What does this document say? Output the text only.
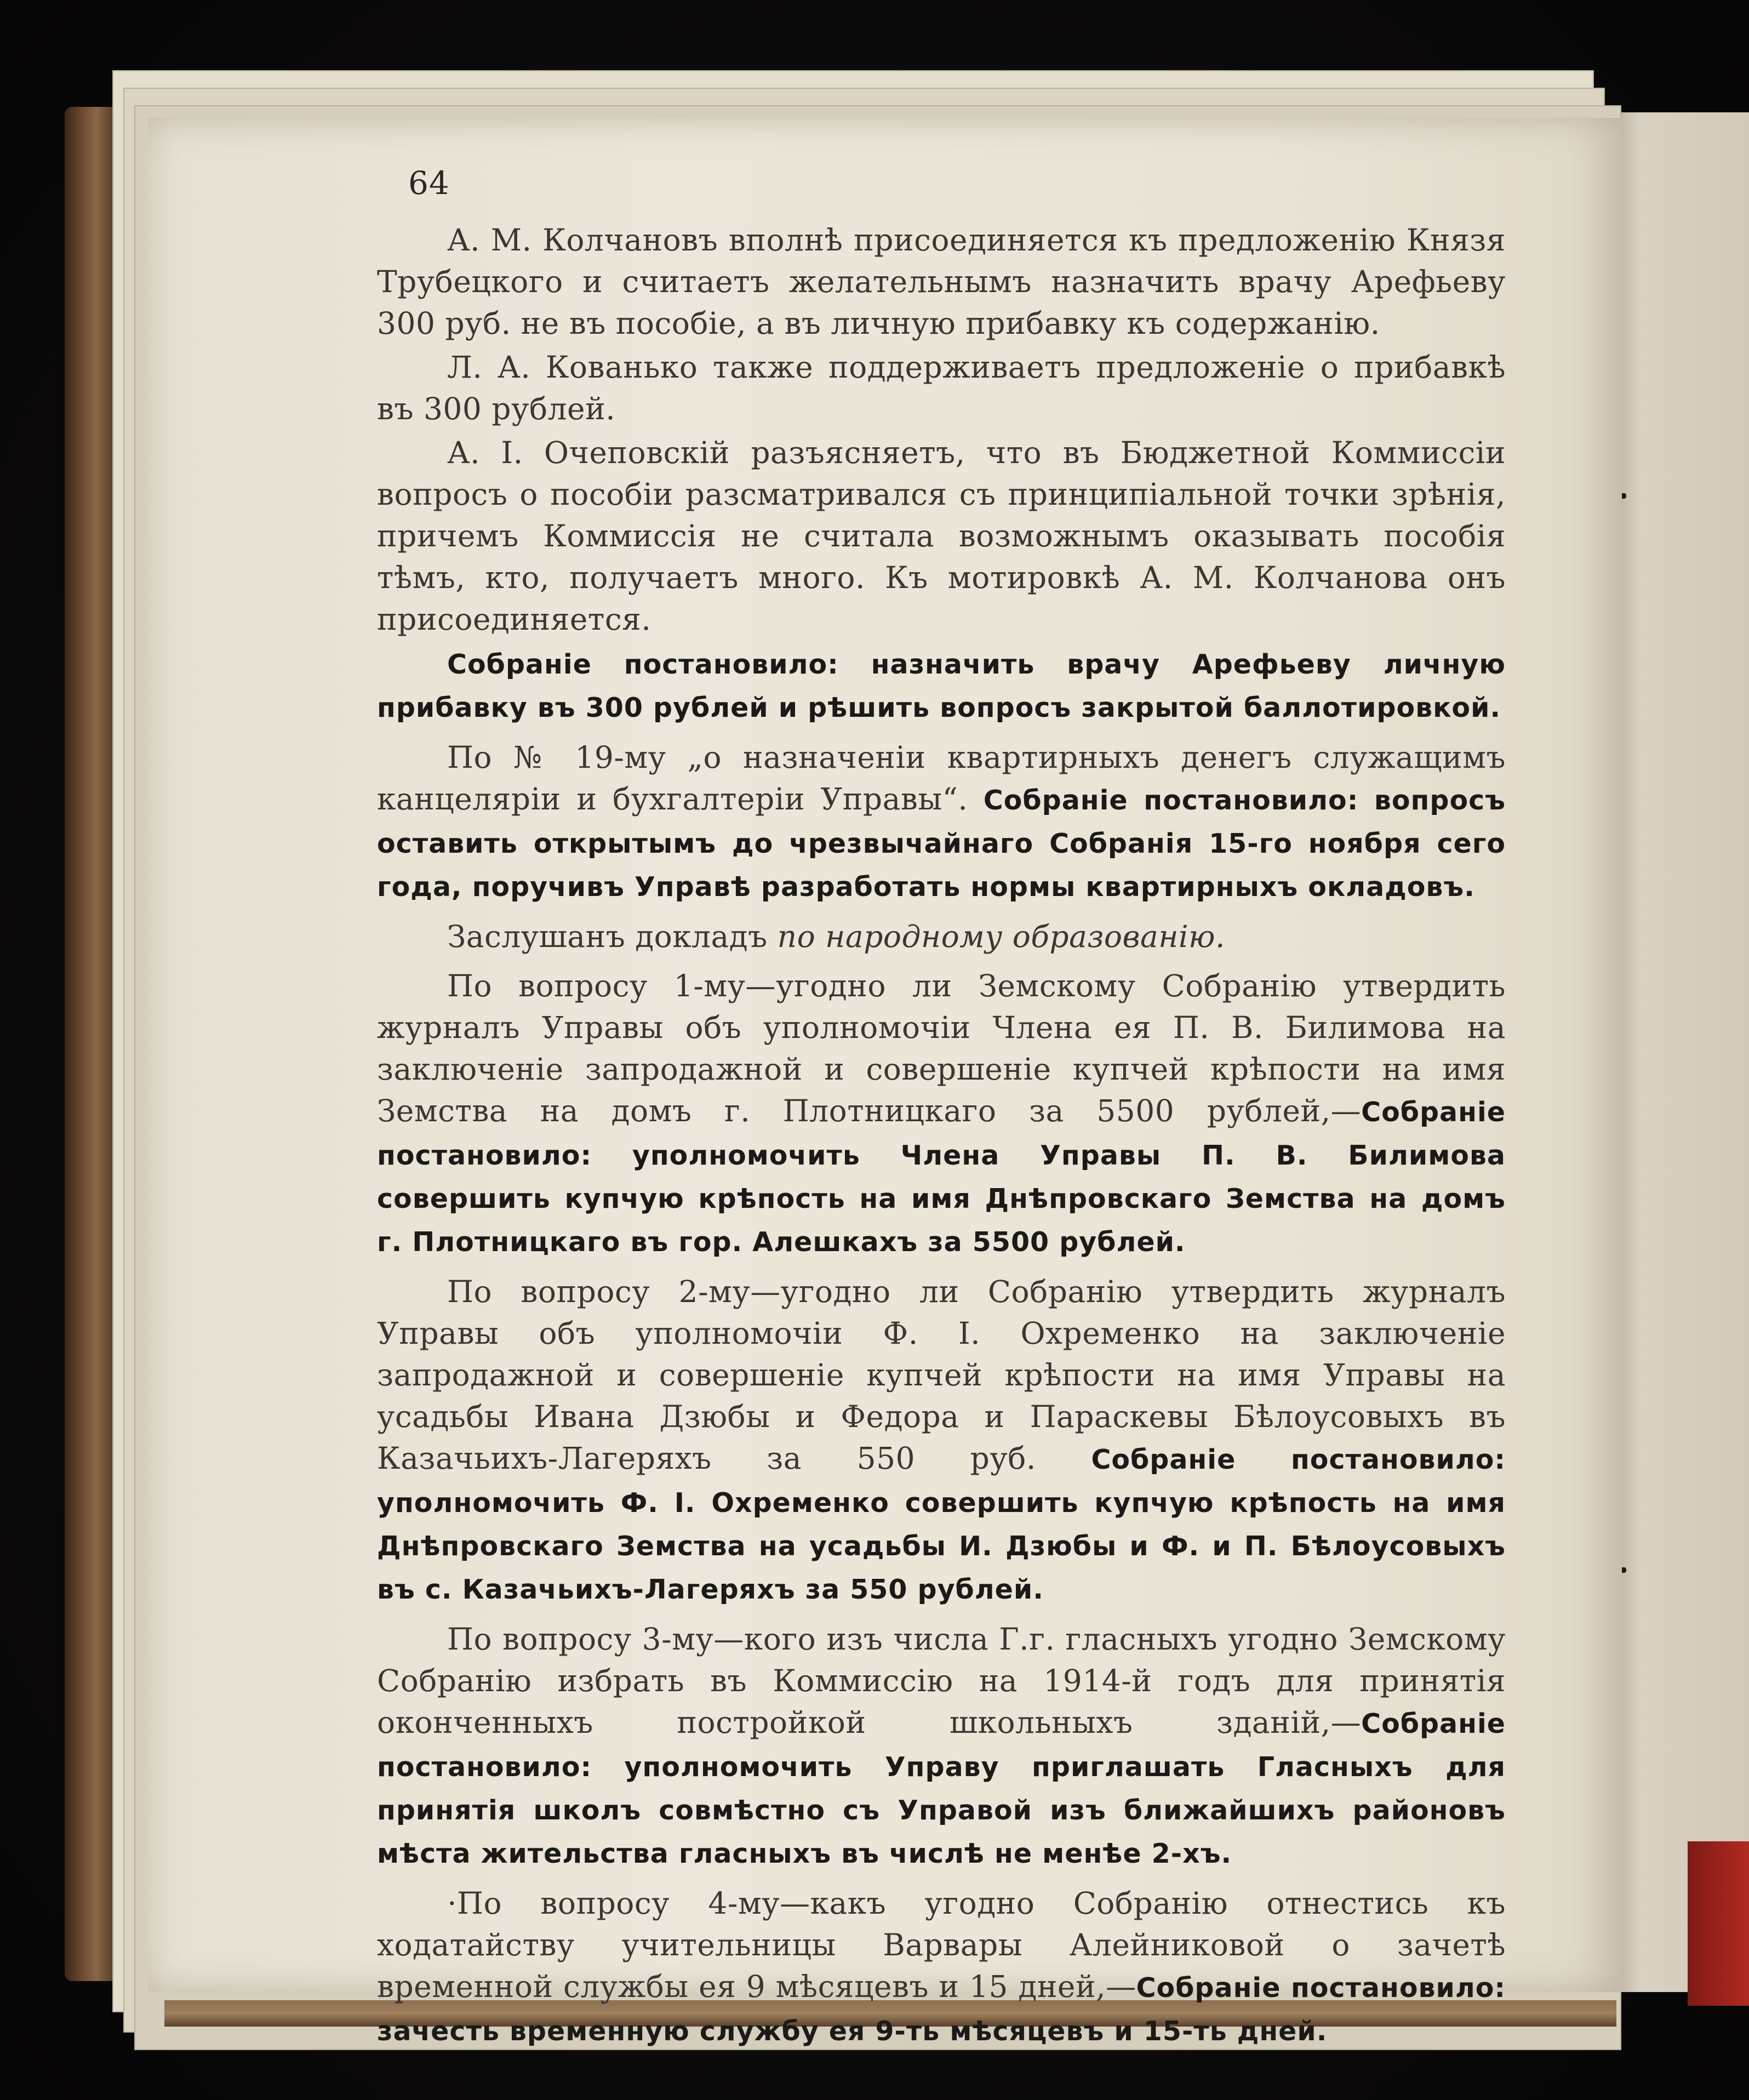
64

А. М. Колчановъ вполнѣ присоединяется къ предложенію Князя Трубецкого и считаетъ желательнымъ назначить врачу Арефьеву 300 руб. не въ пособіе, а въ личную прибавку къ содержанію.

Л. А. Кованько также поддерживаетъ предложеніе о прибавкѣ въ 300 рублей.

А. І. Очеповскій разъясняетъ, что въ Бюджетной Коммиссіи вопросъ о пособіи разсматривался съ принципіальной точки зрѣнія, причемъ Коммиссія не считала возможнымъ оказывать пособія тѣмъ, кто, получаетъ много. Къ мотировкѣ А. М. Колчанова онъ присоединяется.

Собраніе постановило: назначить врачу Арефьеву личную прибавку въ 300 рублей и рѣшить вопросъ закрытой баллотировкой.

По № 19-му „о назначеніи квартирныхъ денегъ служащимъ канцеляріи и бухгалтеріи Управы“. Собраніе постановило: вопросъ оставить открытымъ до чрезвычайнаго Собранія 15-го ноября сего года, поручивъ Управѣ разработать нормы квартирныхъ окладовъ.

Заслушанъ докладъ по народному образованію.

По вопросу 1-му—угодно ли Земскому Собранію утвердить журналъ Управы объ уполномочіи Члена ея П. В. Билимова на заключеніе запродажной и совершеніе купчей крѣпости на имя Земства на домъ г. Плотницкаго за 5500 рублей,—Собраніе постановило: уполномочить Члена Управы П. В. Билимова совершить купчую крѣпость на имя Днѣпровскаго Земства на домъ г. Плотницкаго въ гор. Алешкахъ за 5500 рублей.

По вопросу 2-му—угодно ли Собранію утвердить журналъ Управы объ уполномочіи Ф. І. Охременко на заключеніе запродажной и совершеніе купчей крѣпости на имя Управы на усадьбы Ивана Дзюбы и Федора и Параскевы Бѣлоусовыхъ въ Казачьихъ-Лагеряхъ за 550 руб. Собраніе постановило: уполномочить Ф. І. Охременко совершить купчую крѣпость на имя Днѣпровскаго Земства на усадьбы И. Дзюбы и Ф. и П. Бѣлоусовыхъ въ с. Казачьихъ-Лагеряхъ за 550 рублей.

По вопросу 3-му—кого изъ числа Г.г. гласныхъ угодно Земскому Собранію избрать въ Коммиссію на 1914-й годъ для принятія оконченныхъ постройкой школьныхъ зданій,—Собраніе постановило: уполномочить Управу приглашать Гласныхъ для принятія школъ совмѣстно съ Управой изъ ближайшихъ районовъ мѣста жительства гласныхъ въ числѣ не менѣе 2-хъ.

·По вопросу 4-му—какъ угодно Собранію отнестись къ ходатайству учительницы Варвары Алейниковой о зачетѣ временной службы ея 9 мѣсяцевъ и 15 дней,—Собраніе постановило: зачесть временную службу ея 9-ть мѣсяцевъ и 15-ть дней.
